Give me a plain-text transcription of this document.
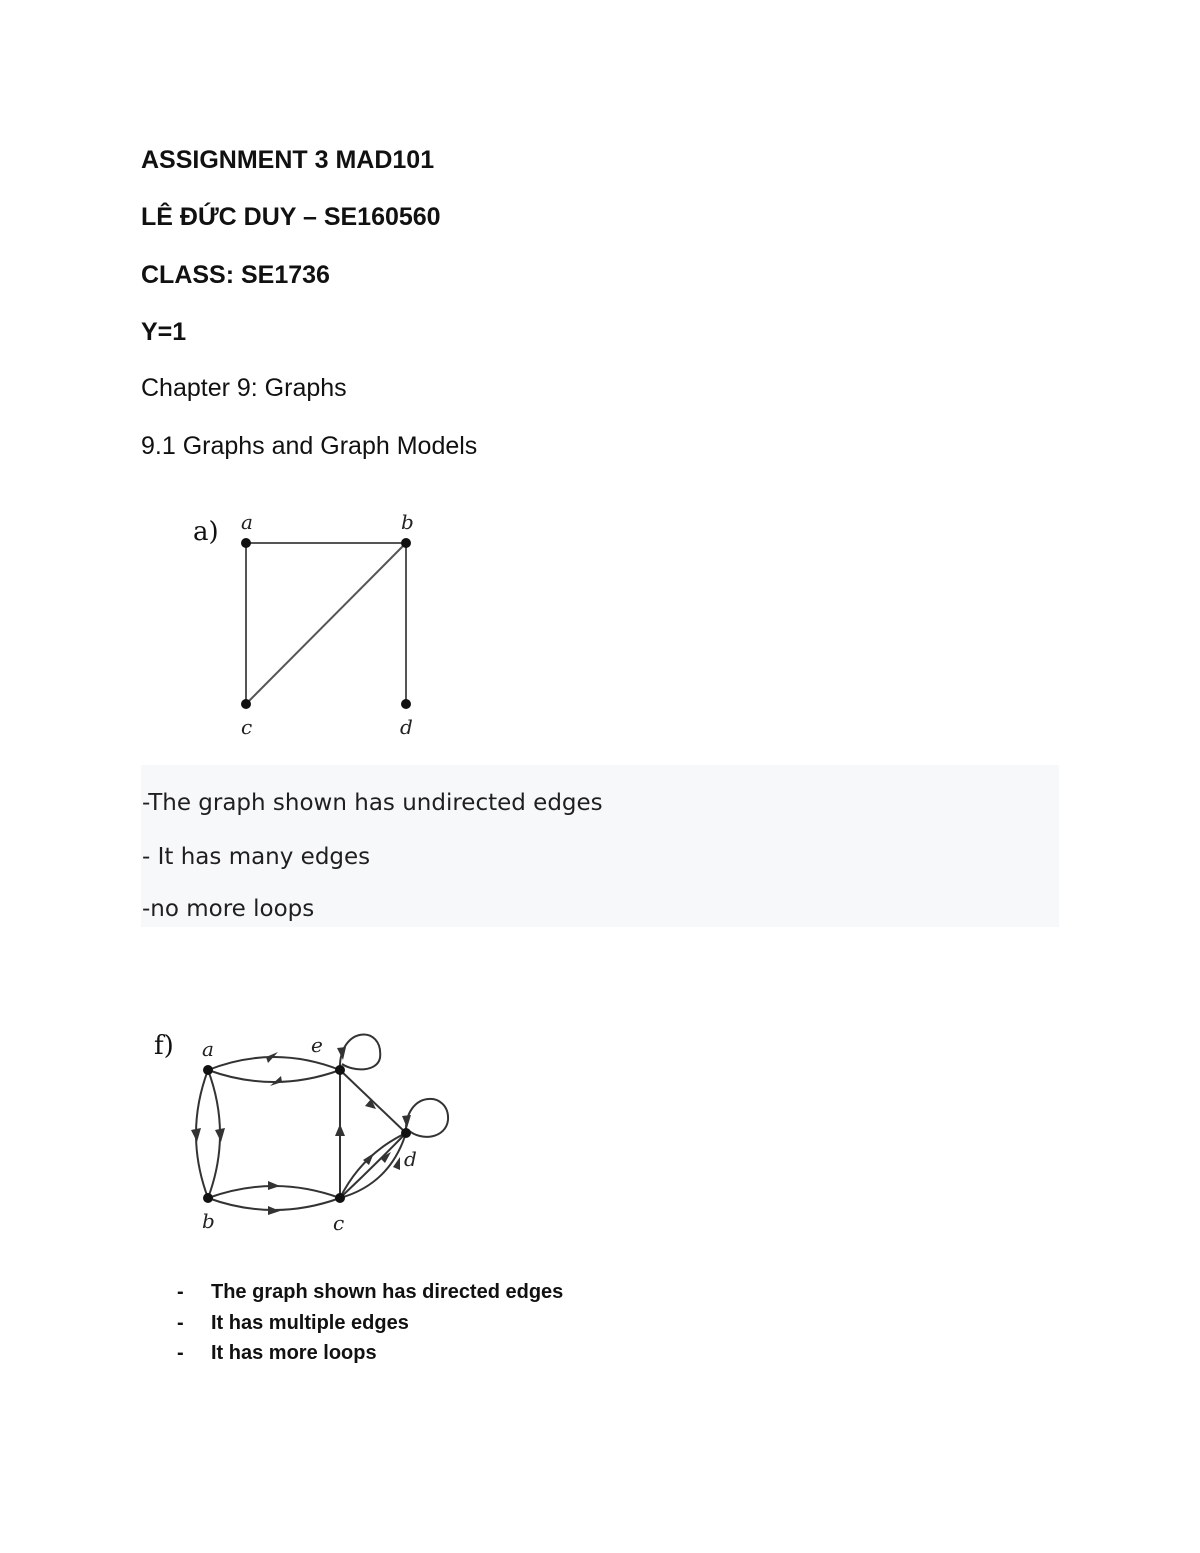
ASSIGNMENT 3 MAD101
LÊ ĐỨC DUY – SE160560
CLASS: SE1736
Y=1
Chapter 9: Graphs
9.1 Graphs and Graph Models
a) a	b
c	d
-The graph shown has undirected edges
- It has many edges
-no more loops
f) a	e
d
b	c
- The graph shown has directed edges
- It has multiple edges
- It has more loops
